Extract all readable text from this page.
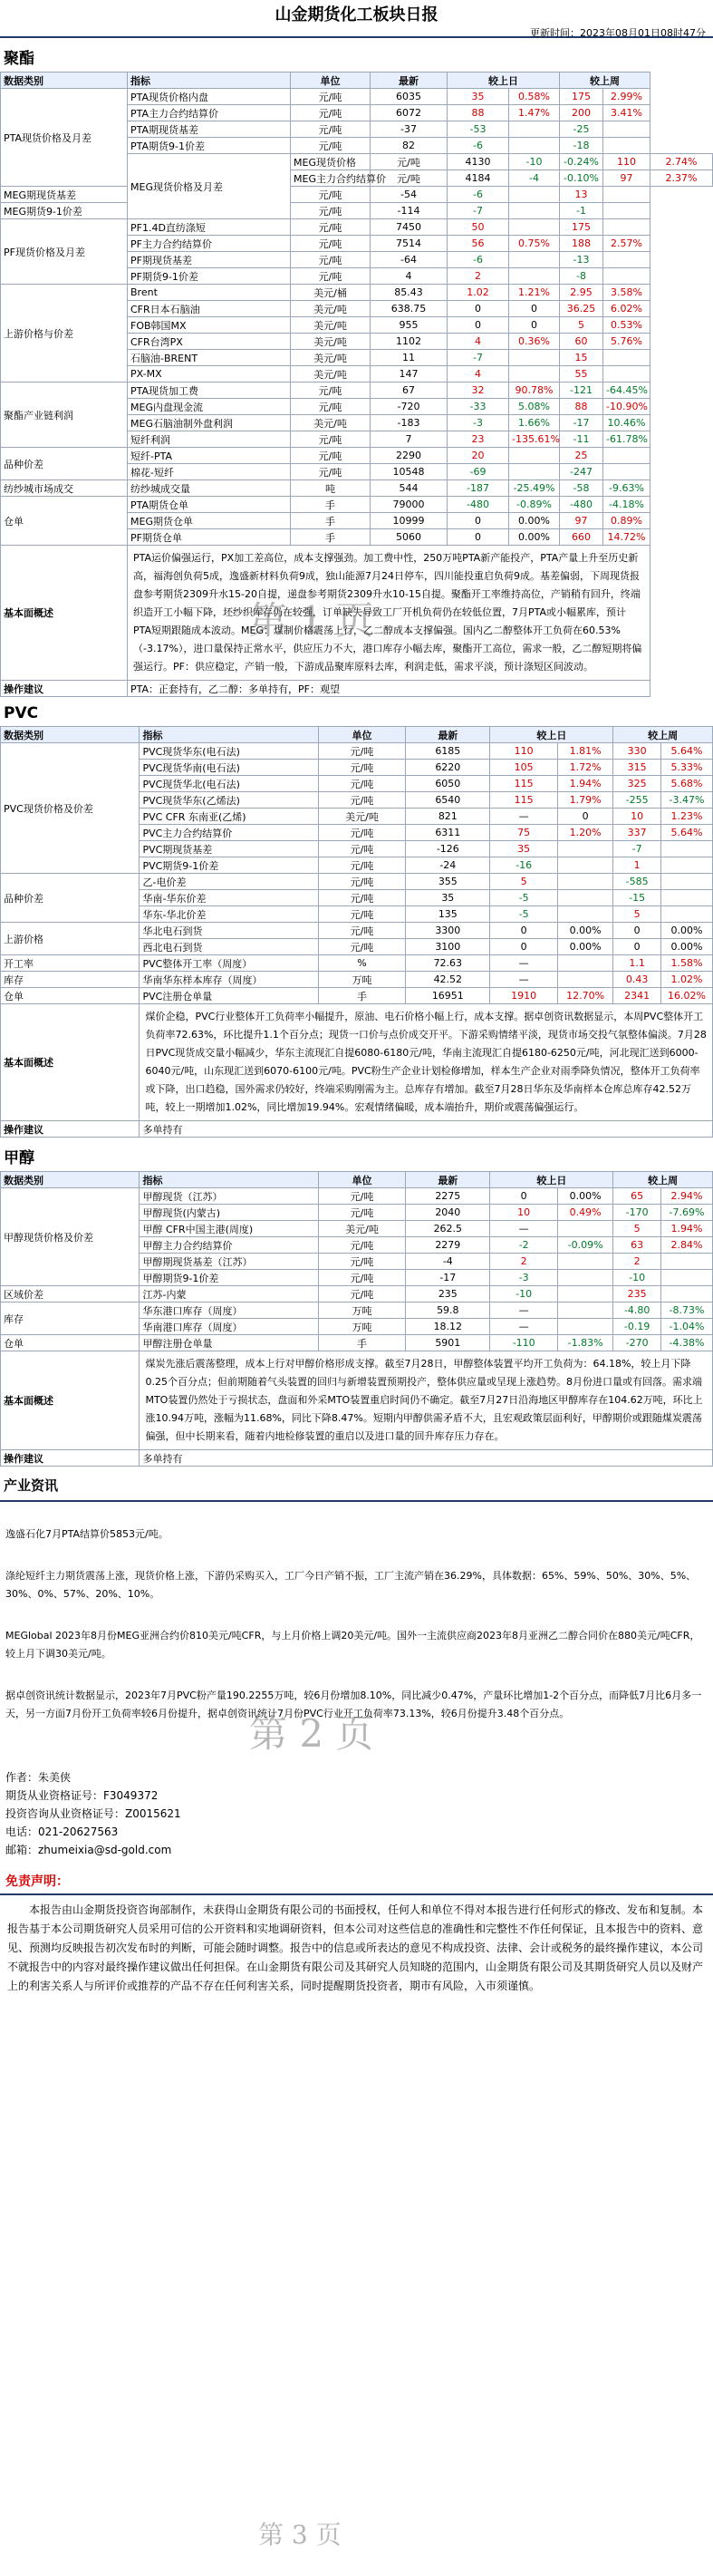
山金期货化工板块日报
更新时间：2023年08月01日08时47分
聚酯
数据类别	指标	单位	最新	较上日		较上周		
PTA现货价格及月差	PTA现货价格内盘	元/吨	6035	35	0.58%	175	2.99%	
	PTA主力合约结算价	元/吨	6072	88	1.47%	200	3.41%	
	PTA期现货基差	元/吨	-37	-53		-25		
	PTA期货9-1价差	元/吨	82	-6		-18		
	MEG现货价格及月差	MEG现货价格	元/吨	4130	-10	-0.24%	110	2.74%
		MEG主力合约结算价	元/吨	4184	-4	-0.10%	97	2.37%
MEG期现货基差		元/吨	-54	-6		13		
MEG期货9-1价差		元/吨	-114	-7		-1		
PF现货价格及月差	PF1.4D直纺涤短	元/吨	7450	50		175		
	PF主力合约结算价	元/吨	7514	56	0.75%	188	2.57%	
	PF期现货基差	元/吨	-64	-6		-13		
	PF期货9-1价差	元/吨	4	2		-8		
上游价格与价差	Brent	美元/桶	85.43	1.02	1.21%	2.95	3.58%	
	CFR日本石脑油	美元/吨	638.75	0	0	36.25	6.02%	
	FOB韩国MX	美元/吨	955	0	0	5	0.53%	
	CFR台湾PX	美元/吨	1102	4	0.36%	60	5.76%	
	石脑油-BRENT	美元/吨	11	-7		15		
	PX-MX	美元/吨	147	4		55		
聚酯产业链利润	PTA现货加工费	元/吨	67	32	90.78%	-121	-64.45%	
	MEG内盘现金流	元/吨	-720	-33	5.08%	88	-10.90%	
	MEG石脑油制外盘利润	美元/吨	-183	-3	1.66%	-17	10.46%	
	短纤利润	元/吨	7	23	-135.61%	-11	-61.78%	
品种价差	短纤-PTA	元/吨	2290	20		25		
	棉花-短纤	元/吨	10548	-69		-247		
纺纱城市场成交	纺纱城成交量	吨	544	-187	-25.49%	-58	-9.63%	
仓单	PTA期货仓单	手	79000	-480	-0.89%	-480	-4.18%	
	MEG期货仓单	手	10999	0	0.00%	97	0.89%	
	PF期货仓单	手	5060	0	0.00%	660	14.72%	
基本面概述	PTA运价偏强运行，PX加工差高位，成本支撑强劲。加工费中性，250万吨PTA新产能投产，PTA产量上升至历史新高，福海创负荷5成，逸盛新材料负荷9成，独山能源7月24日停车，四川能投重启负荷9成。基差偏弱，下周现货报盘参考期货2309升水15-20自提，递盘参考期货2309升水10-15自提。聚酯开工率维持高位，产销稍有回升，终端织造开工小幅下降，坯纱织库存仍在较强，订单缺失导致工厂开机负荷仍在较低位置，7月PTA或小幅累库，预计PTA短期跟随成本波动。MEG：煤制价格震荡上行，乙二醇成本支撑偏强。国内乙二醇整体开工负荷在60.53%（-3.17%），进口量保持正常水平，供应压力不大，港口库存小幅去库，聚酯开工高位，需求一般，乙二醇短期将偏强运行。PF：供应稳定，产销一般，下游成品聚库原料去库，利润走低，需求平淡，预计涤短区间波动。							
操作建议	PTA：正套持有，乙二醇：多单持有，PF：观望							
PVC
数据类别	指标	单位	最新	较上日		较上周	
PVC现货价格及价差	PVC现货华东(电石法)	元/吨	6185	110	1.81%	330	5.64%
	PVC现货华南(电石法)	元/吨	6220	105	1.72%	315	5.33%
	PVC现货华北(电石法)	元/吨	6050	115	1.94%	325	5.68%
	PVC现货华东(乙烯法)	元/吨	6540	115	1.79%	-255	-3.47%
	PVC CFR 东南亚(乙烯)	美元/吨	821	—	0	10	1.23%
	PVC主力合约结算价	元/吨	6311	75	1.20%	337	5.64%
	PVC期现货基差	元/吨	-126	35		-7	
	PVC期货9-1价差	元/吨	-24	-16		1	
品种价差	乙-电价差	元/吨	355	5		-585	
	华南-华东价差	元/吨	35	-5		-15	
	华东-华北价差	元/吨	135	-5		5	
上游价格	华北电石到货	元/吨	3300	0	0.00%	0	0.00%
	西北电石到货	元/吨	3100	0	0.00%	0	0.00%
开工率	PVC整体开工率（周度）	%	72.63	—		1.1	1.58%
库存	华南华东样本库存（周度）	万吨	42.52	—		0.43	1.02%
仓单	PVC注册仓单量	手	16951	1910	12.70%	2341	16.02%
基本面概述	煤价企稳，PVC行业整体开工负荷率小幅提升，原油、电石价格小幅上行，成本支撑。据卓创资讯数据显示，本周PVC整体开工负荷率72.63%，环比提升1.1个百分点；现货一口价与点价成交开平。下游采购情绪平淡，现货市场交投气氛整体偏淡。7月28日PVC现货成交量小幅减少，华东主流现汇自提6080-6180元/吨，华南主流现汇自提6180-6250元/吨，河北现汇送到6000-6040元/吨，山东现汇送到6070-6100元/吨。PVC粉生产企业计划检修增加，样本生产企业对雨季降负情况，整体开工负荷率或下降，出口趋稳，国外需求仍较好，终端采购刚需为主。总库存有增加。截至7月28日华东及华南样本仓库总库存42.52万吨，较上一期增加1.02%，同比增加19.94%。宏观情绪偏暖，成本端抬升，期价或震荡偏强运行。						
操作建议	多单持有						
甲醇
数据类别	指标	单位	最新	较上日		较上周	
甲醇现货价格及价差	甲醇现货（江苏）	元/吨	2275	0	0.00%	65	2.94%
	甲醇现货(内蒙古)	元/吨	2040	10	0.49%	-170	-7.69%
	甲醇 CFR中国主港(周度)	美元/吨	262.5	—		5	1.94%
	甲醇主力合约结算价	元/吨	2279	-2	-0.09%	63	2.84%
	甲醇期现货基差（江苏）	元/吨	-4	2		2	
	甲醇期货9-1价差	元/吨	-17	-3		-10	
区域价差	江苏-内蒙	元/吨	235	-10		235	
库存	华东港口库存（周度）	万吨	59.8	—		-4.80	-8.73%
	华南港口库存（周度）	万吨	18.12	—		-0.19	-1.04%
仓单	甲醇注册仓单量	手	5901	-110	-1.83%	-270	-4.38%
基本面概述	煤炭先涨后震荡整理，成本上行对甲醇价格形成支撑。截至7月28日，甲醇整体装置平均开工负荷为：64.18%，较上月下降0.25个百分点；但前期随着气头装置的回归与新增装置预期投产，整体供应量或呈现上涨趋势。8月份进口量或有回落。需求端MTO装置仍然处于亏损状态，盘面和外采MTO装置重启时间仍不确定。截至7月27日沿海地区甲醇库存在104.62万吨，环比上涨10.94万吨，涨幅为11.68%，同比下降8.47%。短期内甲醇供需矛盾不大，且宏观政策层面利好，甲醇期价或跟随煤炭震荡偏强，但中长期来看，随着内地检修装置的重启以及进口量的回升库存压力存在。						
操作建议	多单持有						
产业资讯

逸盛石化7月PTA结算价5853元/吨。

涤纶短纤主力期货震荡上涨，现货价格上涨，下游仍采购买入，工厂今日产销不振，工厂主流产销在36.29%，具体数据：65%、59%、50%、30%、5%、30%、0%、57%、20%、10%。

MEGlobal 2023年8月份MEG亚洲合约价810美元/吨CFR，与上月价格上调20美元/吨。国外一主流供应商2023年8月亚洲乙二醇合同价在880美元/吨CFR，较上月下调30美元/吨。

据卓创资讯统计数据显示，2023年7月PVC粉产量190.2255万吨，较6月份增加8.10%，同比减少0.47%，产量环比增加1-2个百分点，而降低7月比6月多一天，另一方面7月份开工负荷率较6月份提升，据卓创资讯统计7月份PVC行业开工负荷率73.13%，较6月份提升3.48个百分点。

作者：朱美侠
期货从业资格证号：F3049372
投资咨询从业资格证号：Z0015621
电话：021-20627563
邮箱：zhumeixia@sd-gold.com
免责声明：
本报告由山金期货投资咨询部制作，未获得山金期货有限公司的书面授权，任何人和单位不得对本报告进行任何形式的修改、发布和复制。本报告基于本公司期货研究人员采用可信的公开资料和实地调研资料，但本公司对这些信息的准确性和完整性不作任何保证，且本报告中的资料、意见、预测均反映报告初次发布时的判断，可能会随时调整。报告中的信息或所表达的意见不构成投资、法律、会计或税务的最终操作建议，本公司不就报告中的内容对最终操作建议做出任何担保。在山金期货有限公司及其研究人员知晓的范围内，山金期货有限公司及其期货研究人员以及财产上的利害关系人与所评价或推荐的产品不存在任何利害关系，同时提醒期货投资者，期市有风险，入市须谨慎。
第 1 页
第 2 页
第 3 页
